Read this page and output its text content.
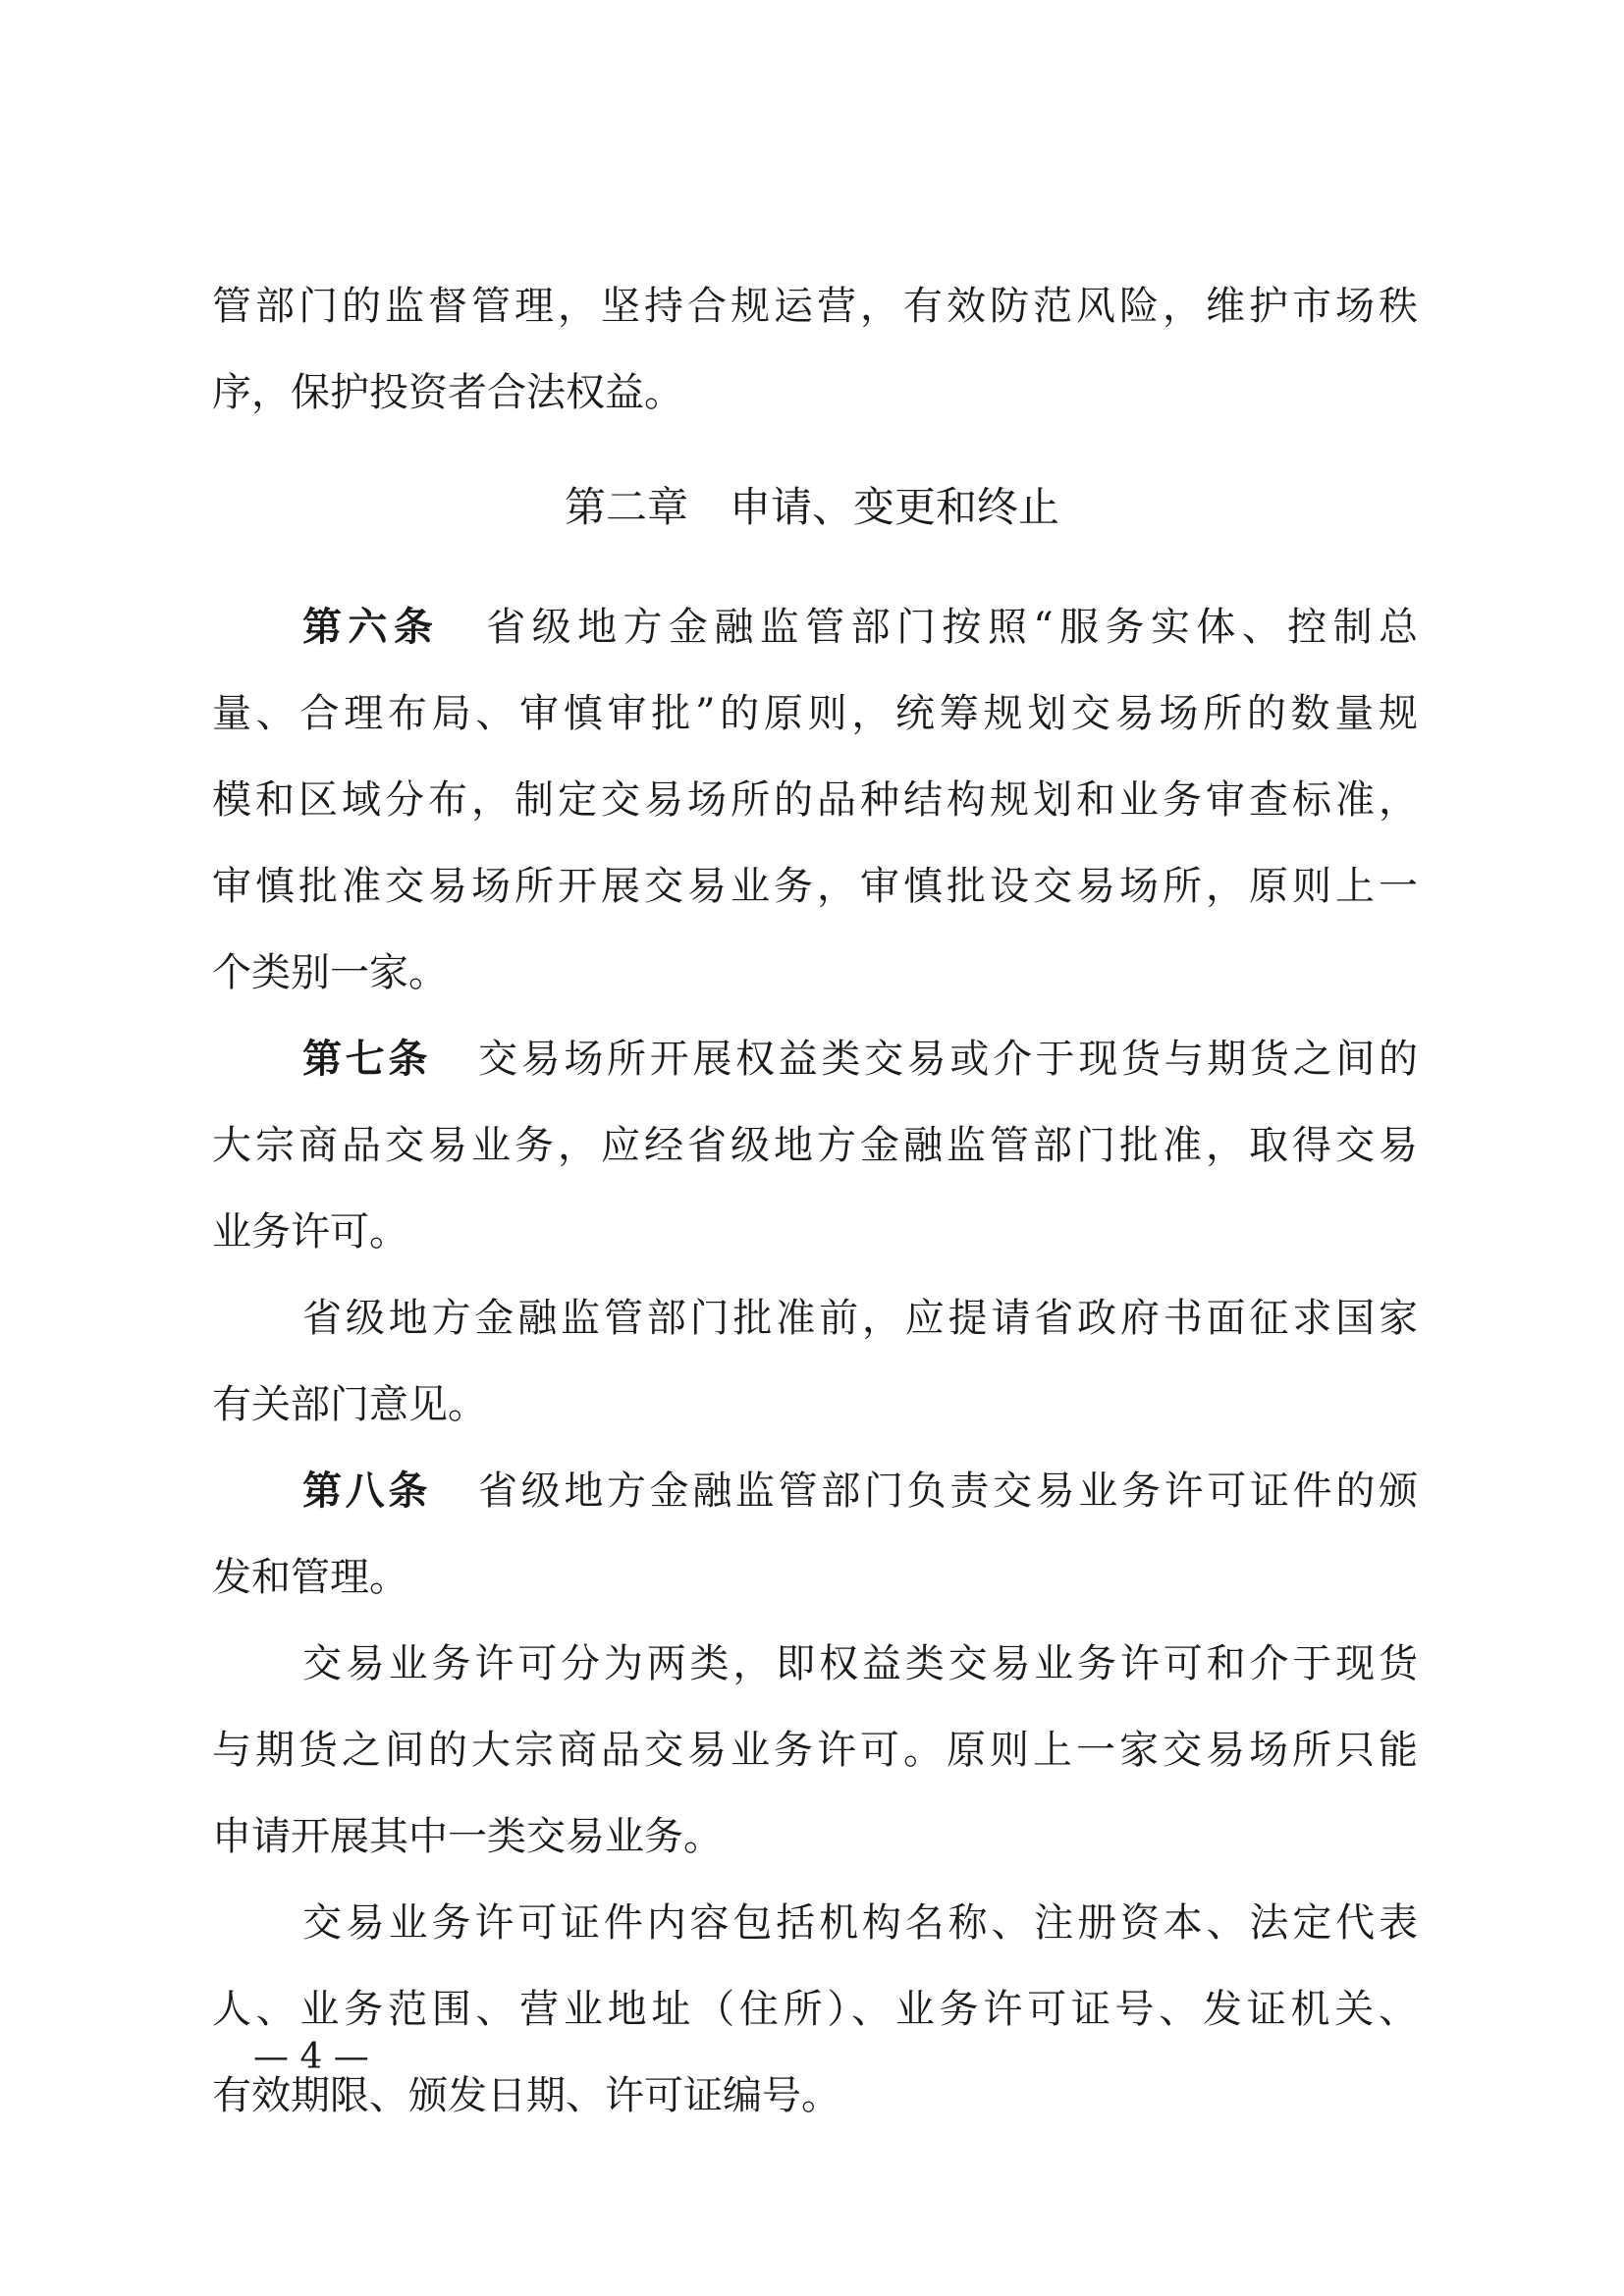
管部门的监督管理，坚持合规运营，有效防范风险，维护市场秩
序，保护投资者合法权益。
第二章　申请、变更和终止
第六条 省级地方金融监管部门按照“服务实体、控制总
量、合理布局、审慎审批”的原则，统筹规划交易场所的数量规
模和区域分布，制定交易场所的品种结构规划和业务审查标准，
审慎批准交易场所开展交易业务，审慎批设交易场所，原则上一
个类别一家。
第七条 交易场所开展权益类交易或介于现货与期货之间的
大宗商品交易业务，应经省级地方金融监管部门批准，取得交易
业务许可。
省级地方金融监管部门批准前，应提请省政府书面征求国家
有关部门意见。
第八条 省级地方金融监管部门负责交易业务许可证件的颁
发和管理。
交易业务许可分为两类，即权益类交易业务许可和介于现货
与期货之间的大宗商品交易业务许可。原则上一家交易场所只能
申请开展其中一类交易业务。
交易业务许可证件内容包括机构名称、注册资本、法定代表
人、业务范围、营业地址（住所）、业务许可证号、发证机关、
有效期限、颁发日期、许可证编号。
— 4 —
